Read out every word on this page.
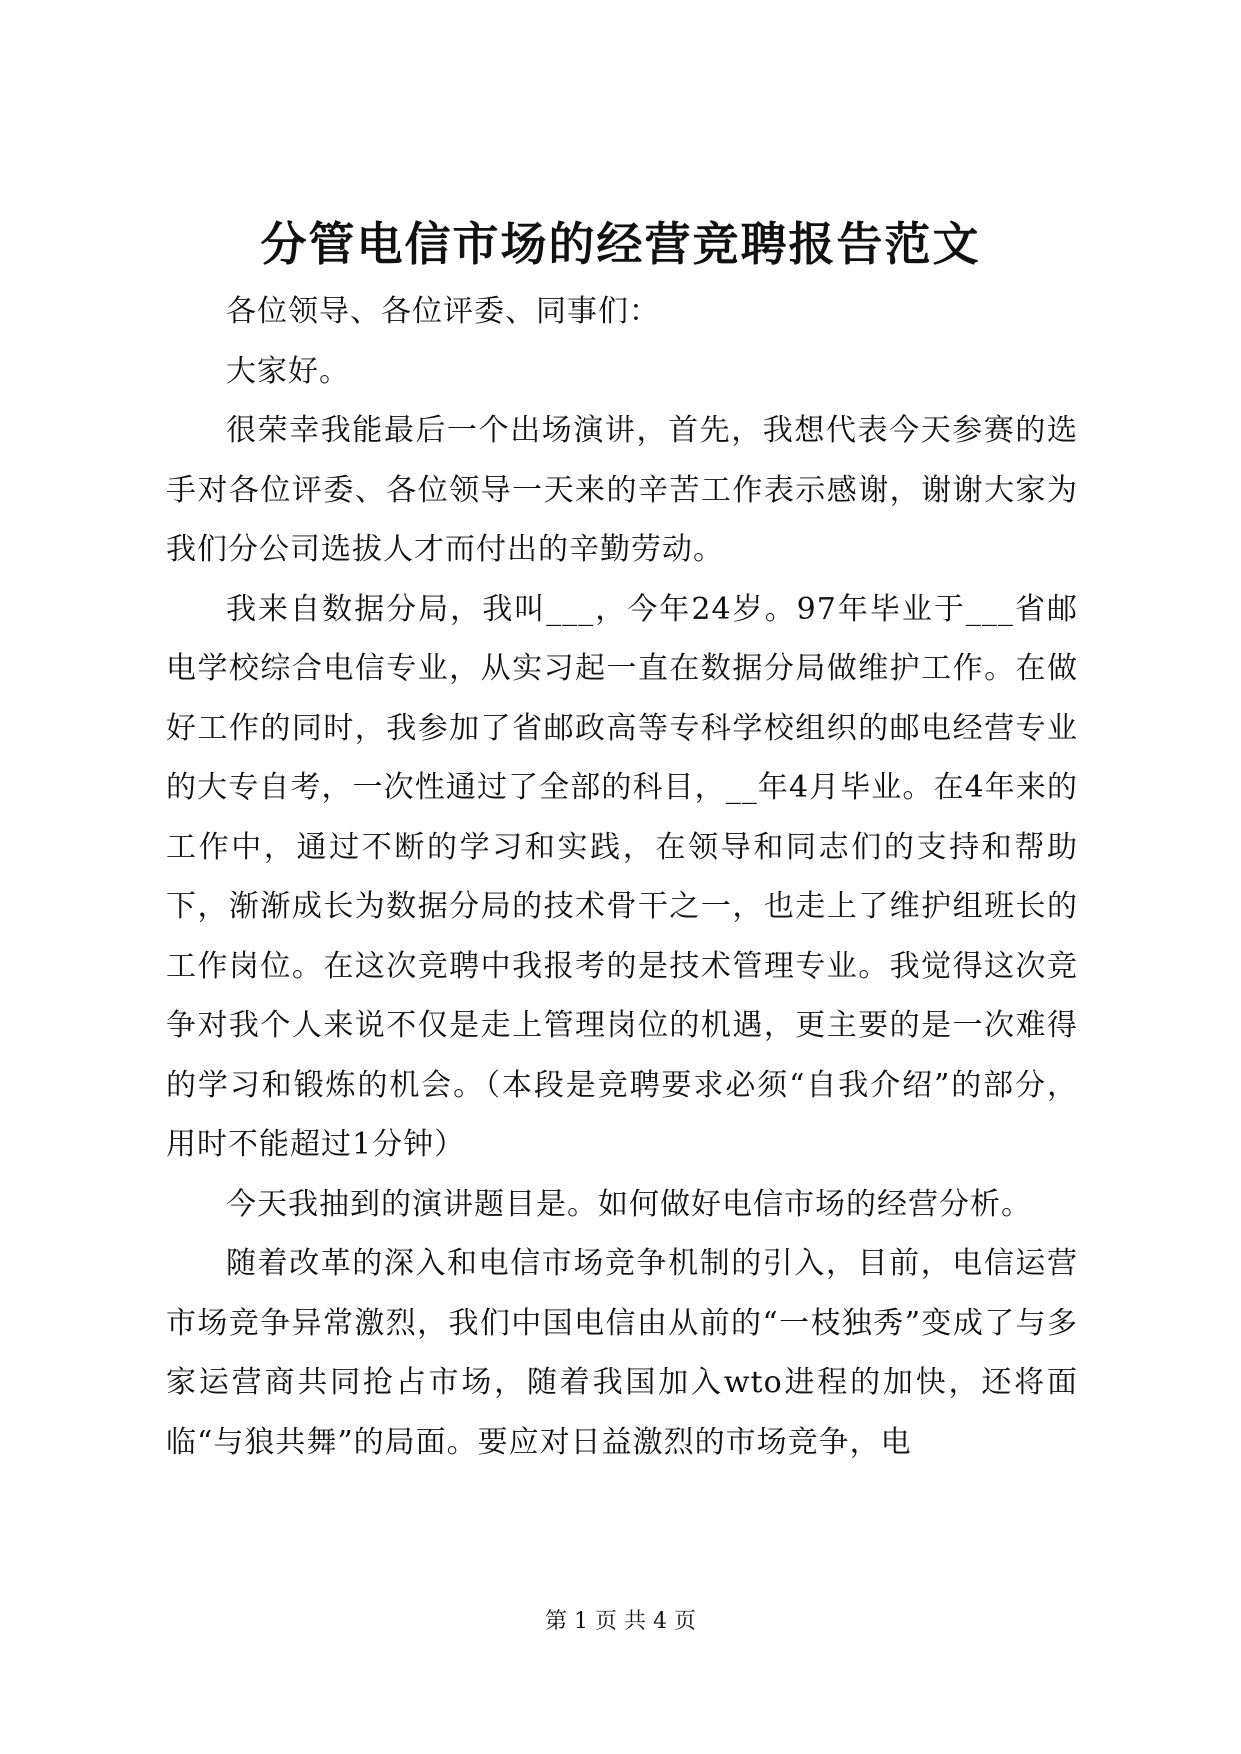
分管电信市场的经营竞聘报告范文

各位领导、各位评委、同事们：

大家好。

很荣幸我能最后一个出场演讲，首先，我想代表今天参赛的选手对各位评委、各位领导一天来的辛苦工作表示感谢，谢谢大家为我们分公司选拔人才而付出的辛勤劳动。

我来自数据分局，我叫___，今年24岁。97年毕业于___省邮电学校综合电信专业，从实习起一直在数据分局做维护工作。在做好工作的同时，我参加了省邮政高等专科学校组织的邮电经营专业的大专自考，一次性通过了全部的科目，__年4月毕业。在4年来的工作中，通过不断的学习和实践，在领导和同志们的支持和帮助下，渐渐成长为数据分局的技术骨干之一，也走上了维护组班长的工作岗位。在这次竞聘中我报考的是技术管理专业。我觉得这次竞争对我个人来说不仅是走上管理岗位的机遇，更主要的是一次难得的学习和锻炼的机会。（本段是竞聘要求必须“自我介绍”的部分，用时不能超过1分钟）

今天我抽到的演讲题目是。如何做好电信市场的经营分析。

随着改革的深入和电信市场竞争机制的引入，目前，电信运营市场竞争异常激烈，我们中国电信由从前的“一枝独秀”变成了与多家运营商共同抢占市场，随着我国加入wto进程的加快，还将面临“与狼共舞”的局面。要应对日益激烈的市场竞争，电

第 1 页 共 4 页
